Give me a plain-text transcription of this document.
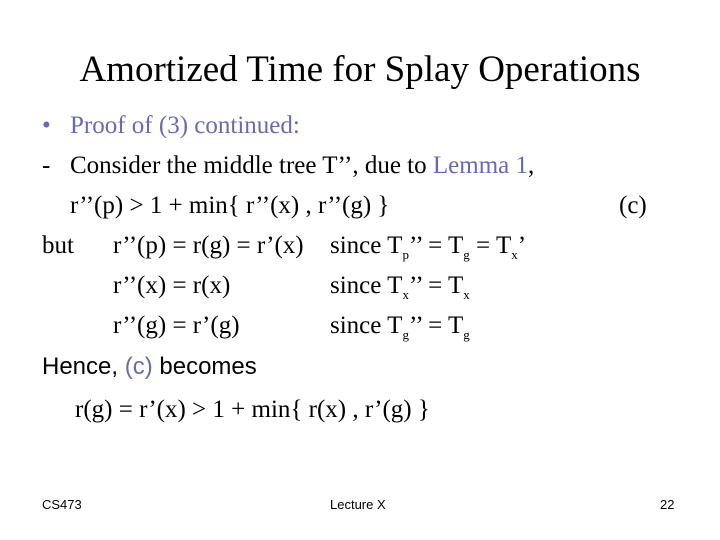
Amortized Time for Splay Operations
• Proof of (3) continued:
- Consider the middle tree T’’, due to Lemma 1,
r’’(p) > 1 + min{ r’’(x) , r’’(g) }	(c)
but r’’(p) = r(g) = r’(x) since $T_p$’’ = $T_g = T_x$’
r’’(x) = r(x)	since $T_x$’’ = $T_x$
r’’(g) = r’(g)	since $T_g$’’ = $T_g$
Hence, (c) becomes
r(g) = r’(x) > 1 + min{ r(x) , r’(g) }
CS473	Lecture X	22
